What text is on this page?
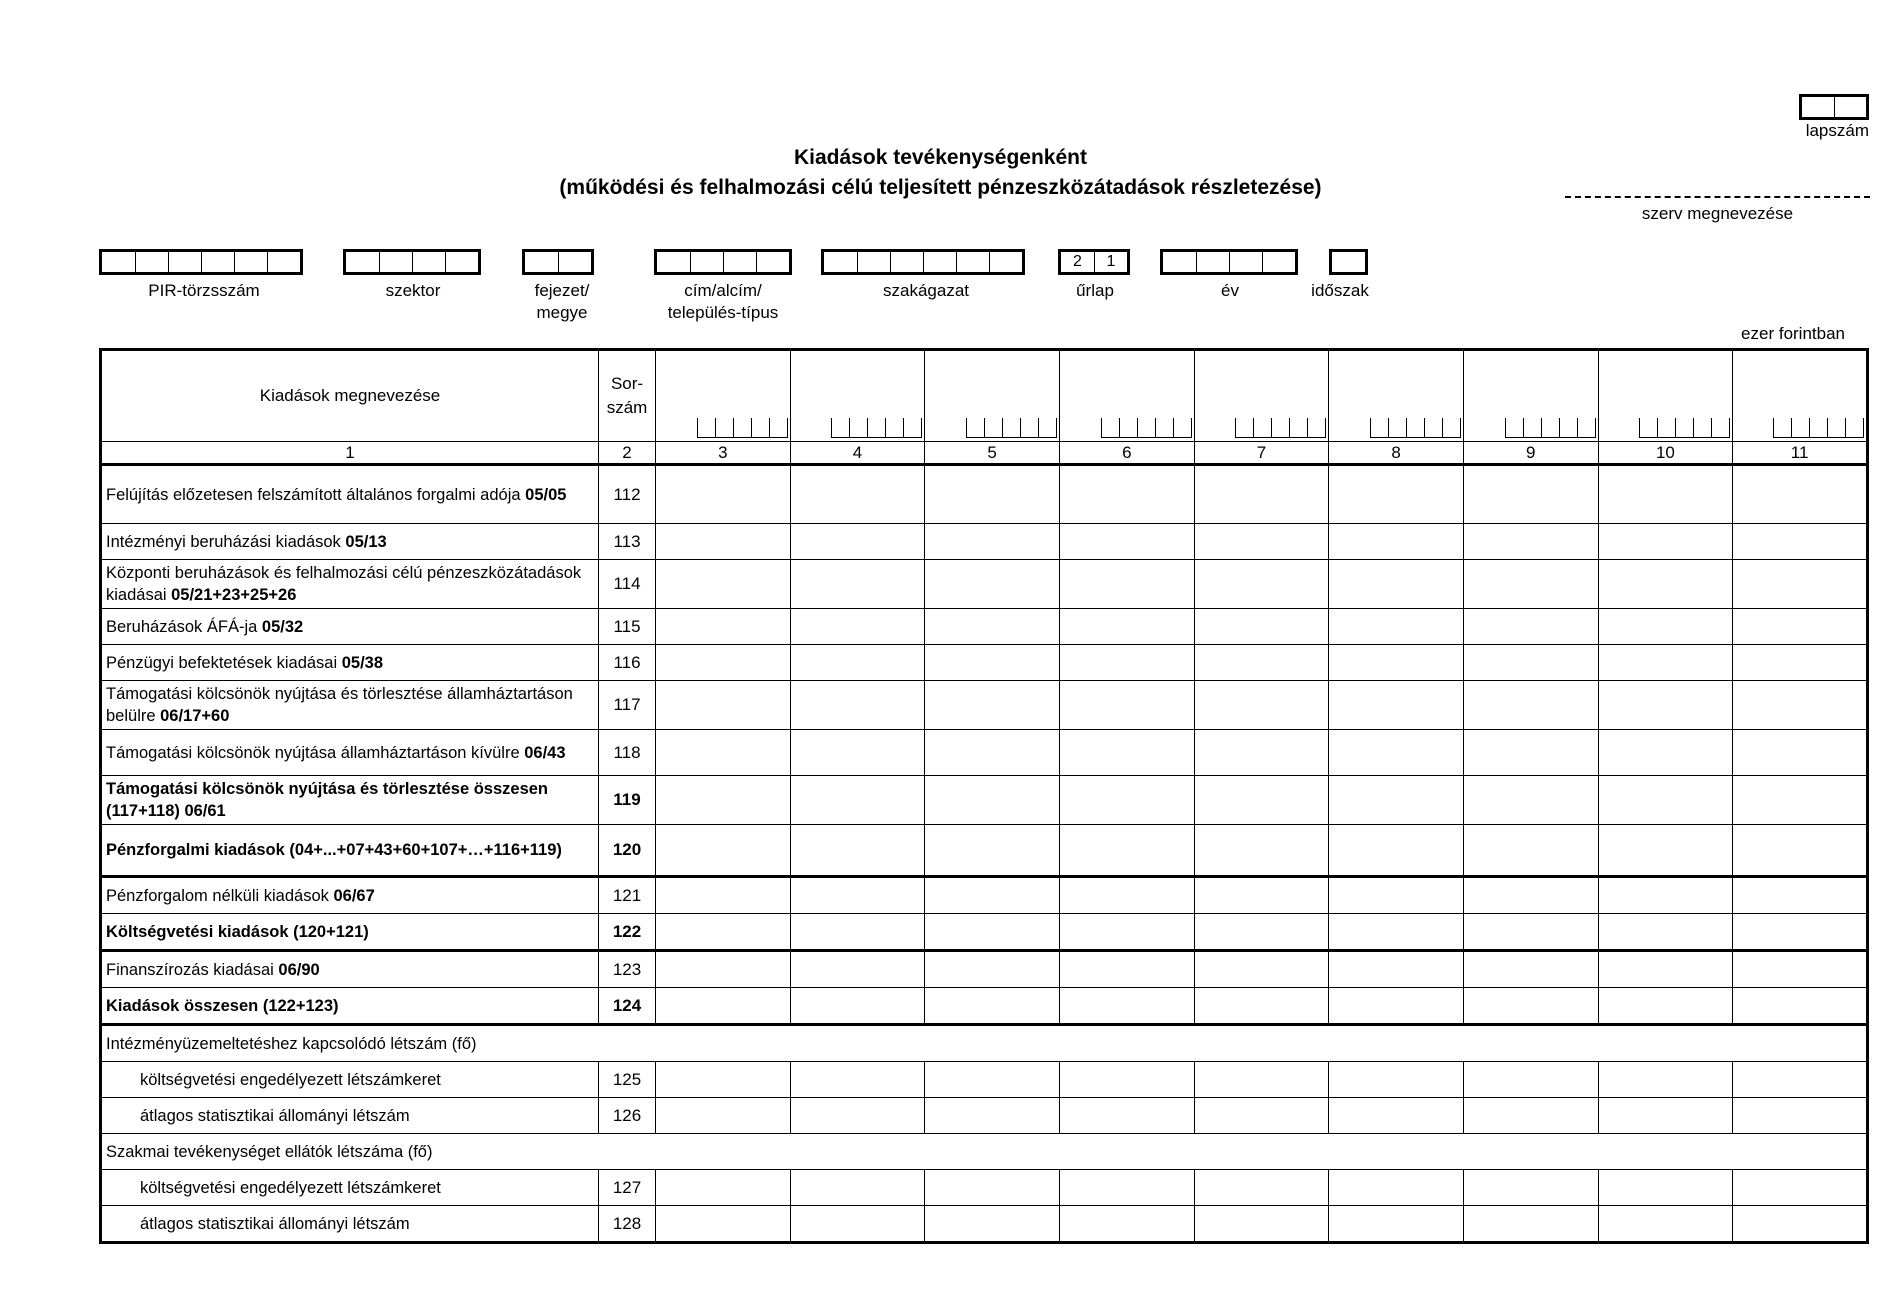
lapszám
Kiadások tevékenységenként
(működési és felhalmozási célú teljesített pénzeszközátadások részletezése)
szerv megnevezése
PIR-törzsszám	szektor	fejezet/
megye
cím/alcím/
település-típus
szakágazat
2	1
űrlap	év	időszak
ezer forintban
Kiadások megnevezése	Sor-
szám									

1	2	3	4	5	6	7	8	9	10	11
Felújítás előzetesen felszámított általános forgalmi adója 05/05	112									
Intézményi beruházási kiadások 05/13	113									
Központi beruházások és felhalmozási célú pénzeszközátadások kiadásai 05/21+23+25+26	114									
Beruházások ÁFÁ-ja 05/32	115									
Pénzügyi befektetések kiadásai 05/38	116									
Támogatási kölcsönök nyújtása és törlesztése államháztartáson belülre 06/17+60	117									
Támogatási kölcsönök nyújtása államháztartáson kívülre 06/43	118									
Támogatási kölcsönök nyújtása és törlesztése összesen (117+118) 06/61	119									
Pénzforgalmi kiadások (04+...+07+43+60+107+…+116+119)	120									
Pénzforgalom nélküli kiadások 06/67	121									
Költségvetési kiadások (120+121)	122									
Finanszírozás kiadásai 06/90	123									
Kiadások összesen (122+123)	124									
Intézményüzemeltetéshez kapcsolódó létszám (fő)										
költségvetési engedélyezett létszámkeret	125									
átlagos statisztikai állományi létszám	126									
Szakmai tevékenységet ellátók létszáma (fő)										
költségvetési engedélyezett létszámkeret	127									
átlagos statisztikai állományi létszám	128									
